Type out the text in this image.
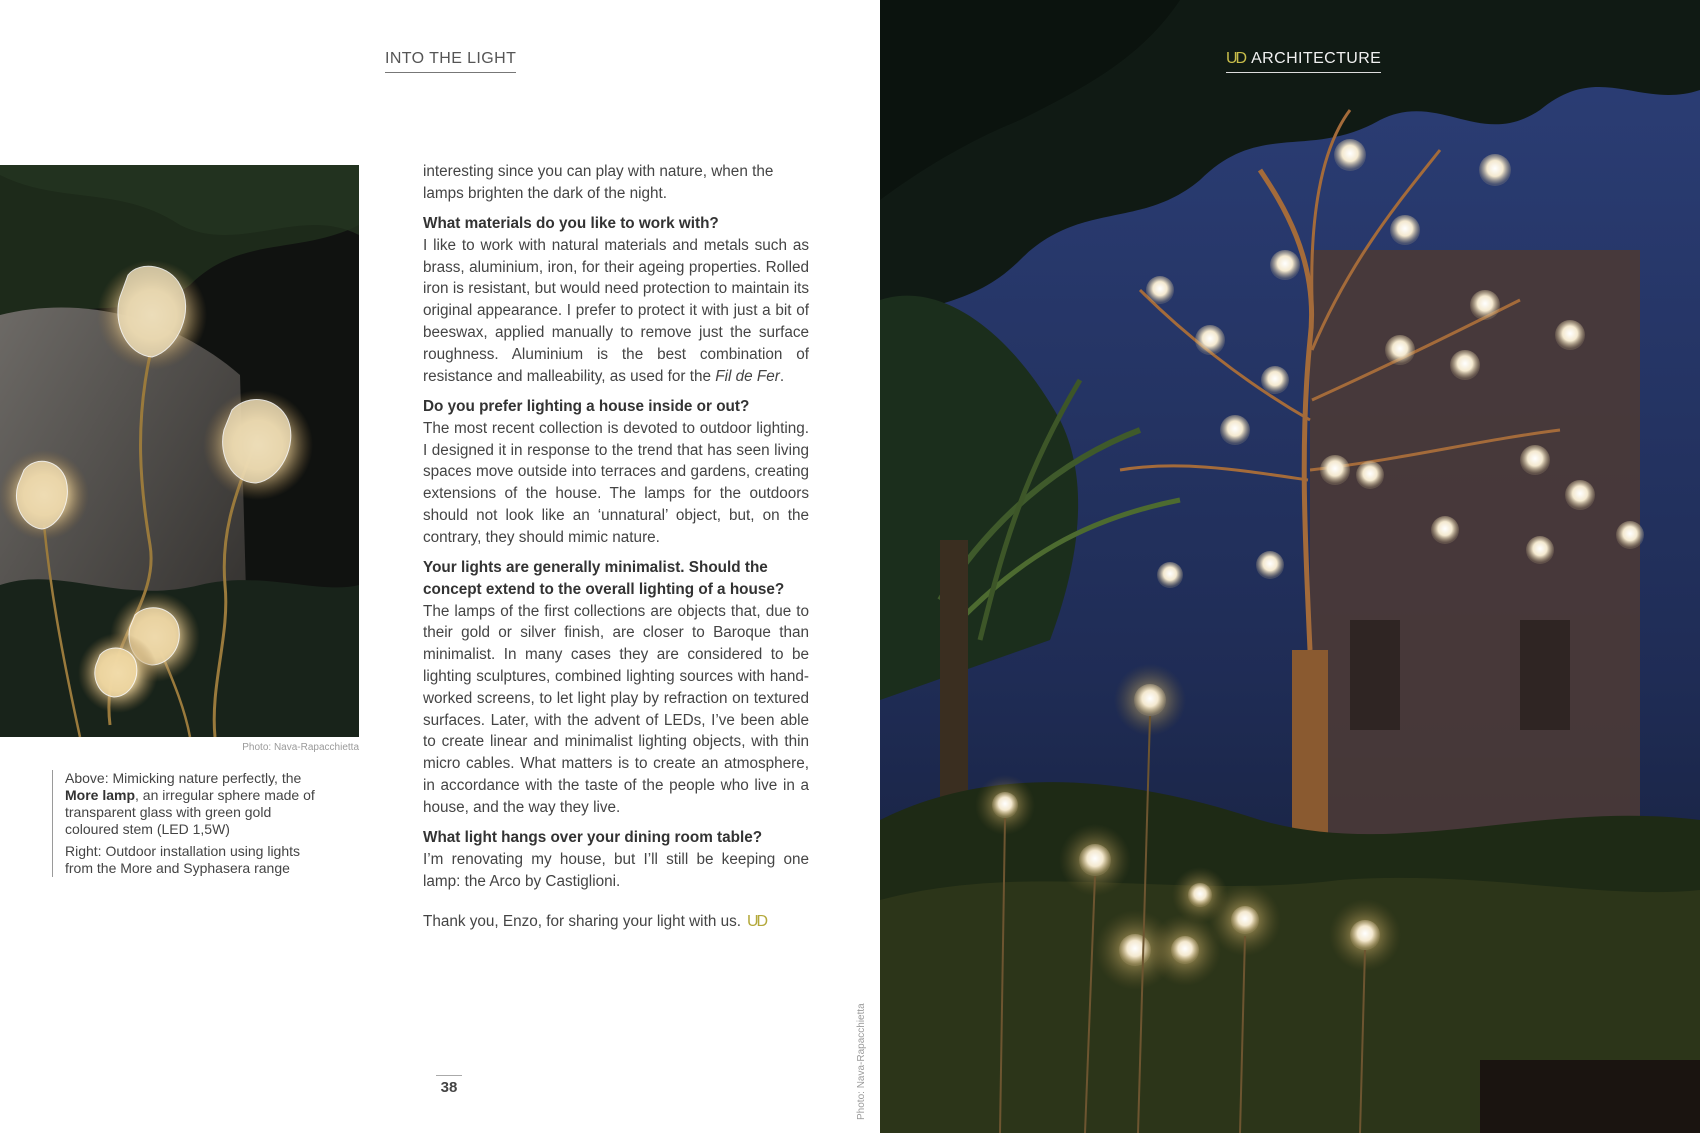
INTO THE LIGHT
Photo: Nava-Rapacchietta

Above: Mimicking nature perfectly, the More lamp, an irregular sphere made of transparent glass with green gold coloured stem (LED 1,5W)

Right: Outdoor installation using lights from the More and Syphasera range

interesting since you can play with nature, when the lamps brighten the dark of the night.

What materials do you like to work with?
I like to work with natural materials and metals such as brass, aluminium, iron, for their ageing properties. Rolled iron is resistant, but would need protection to maintain its original appearance. I prefer to protect it with just a bit of beeswax, applied manually to remove just the surface roughness. Aluminium is the best combination of resistance and malleability, as used for the Fil de Fer.

Do you prefer lighting a house inside or out?
The most recent collection is devoted to outdoor lighting. I designed it in response to the trend that has seen living spaces move outside into terraces and gardens, creating extensions of the house. The lamps for the outdoors should not look like an ‘unnatural’ object, but, on the contrary, they should mimic nature.

Your lights are generally minimalist. Should the concept extend to the overall lighting of a house?
The lamps of the first collections are objects that, due to their gold or silver finish, are closer to Baroque than minimalist. In many cases they are considered to be lighting sculptures, combined lighting sources with hand-worked screens, to let light play by refraction on textured surfaces. Later, with the advent of LEDs, I’ve been able to create linear and minimalist lighting objects, with thin micro cables. What matters is to create an atmosphere, in accordance with the taste of the people who live in a house, and the way they live.

What light hangs over your dining room table?
I’m renovating my house, but I’ll still be keeping one lamp: the Arco by Castiglioni.

Thank you, Enzo, for sharing your light with us. UD

38	Photo: Nava-Rapacchietta
UD ARCHITECTURE
